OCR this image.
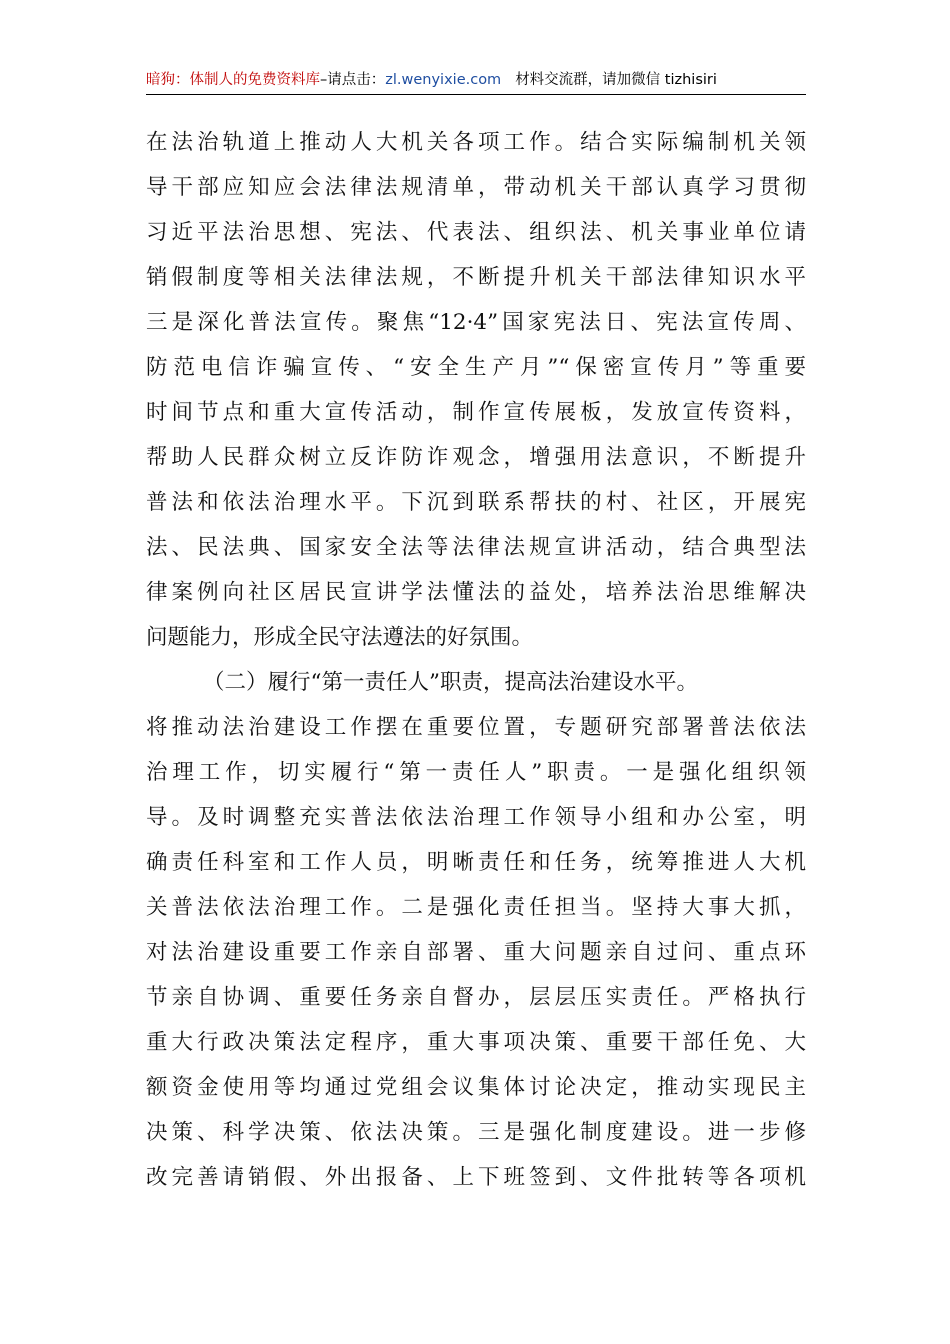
暗狗：体制人的免费资料库–请点击：zl.wenyixie.com 材料交流群，请加微信 tizhisiri
在法治轨道上推动人大机关各项工作。结合实际编制机关领
导干部应知应会法律法规清单，带动机关干部认真学习贯彻
习近平法治思想、宪法、代表法、组织法、机关事业单位请
销假制度等相关法律法规，不断提升机关干部法律知识水平
三是深化普法宣传。聚焦“12·4”国家宪法日、宪法宣传周、
防范电信诈骗宣传、“安全生产月”“保密宣传月”等重要
时间节点和重大宣传活动，制作宣传展板，发放宣传资料，
帮助人民群众树立反诈防诈观念，增强用法意识，不断提升
普法和依法治理水平。下沉到联系帮扶的村、社区，开展宪
法、民法典、国家安全法等法律法规宣讲活动，结合典型法
律案例向社区居民宣讲学法懂法的益处，培养法治思维解决
问题能力，形成全民守法遵法的好氛围。
（二）履行“第一责任人”职责，提高法治建设水平。
将推动法治建设工作摆在重要位置，专题研究部署普法依法
治理工作，切实履行“第一责任人”职责。一是强化组织领
导。及时调整充实普法依法治理工作领导小组和办公室，明
确责任科室和工作人员，明晰责任和任务，统筹推进人大机
关普法依法治理工作。二是强化责任担当。坚持大事大抓，
对法治建设重要工作亲自部署、重大问题亲自过问、重点环
节亲自协调、重要任务亲自督办，层层压实责任。严格执行
重大行政决策法定程序，重大事项决策、重要干部任免、大
额资金使用等均通过党组会议集体讨论决定，推动实现民主
决策、科学决策、依法决策。三是强化制度建设。进一步修
改完善请销假、外出报备、上下班签到、文件批转等各项机
